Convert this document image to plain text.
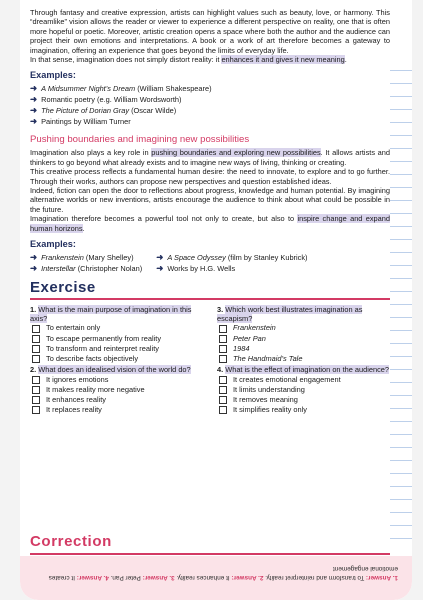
Through fantasy and creative expression, artists can highlight values such as beauty, love, or harmony. This “dreamlike” vision allows the reader or viewer to experience a different perspective on reality, one that is often more hopeful or poetic. Moreover, artistic creation opens a space where both the author and the audience can project their own emotions and interpretations. A book or a work of art therefore becomes a gateway to imagination, offering an experience that goes beyond the limits of everyday life.

In that sense, imagination does not simply distort reality: it enhances it and gives it new meaning.

Examples:
➜ A Midsummer Night’s Dream (William Shakespeare)
➜ Romantic poetry (e.g. William Wordsworth)
➜ The Picture of Dorian Gray (Oscar Wilde)
➜ Paintings by William Turner
Pushing boundaries and imagining new possibilities

Imagination also plays a key role in pushing boundaries and exploring new possibilities. It allows artists and thinkers to go beyond what already exists and to imagine new ways of living, thinking or creating.

This creative process reflects a fundamental human desire: the need to innovate, to explore and to go further. Through their works, authors can propose new perspectives and question established ideas.

Indeed, fiction can open the door to reflections about progress, knowledge and human potential. By imagining alternative worlds or new inventions, artists encourage the audience to think about what could be possible in the future.

Imagination therefore becomes a powerful tool not only to create, but also to inspire change and expand human horizons.

Examples:
➜ Frankenstein (Mary Shelley)
➜ Interstellar (Christopher Nolan)
➜ A Space Odyssey (film by Stanley Kubrick)
➜ Works by H.G. Wells
Exercise
1. What is the main purpose of imagination in this axis?
To entertain only
To escape permanently from reality
To transform and reinterpret reality
To describe facts objectively
2. What does an idealised vision of the world do?
It ignores emotions
It makes reality more negative
It enhances reality
It replaces reality
3. Which work best illustrates imagination as escapism?
Frankenstein
Peter Pan
1984
The Handmaid’s Tale
4. What is the effect of imagination on the audience?
It creates emotional engagement
It limits understanding
It removes meaning
It simplifies reality only
1. Answer: To transform and reinterpret reality. 2. Answer: It enhances reality. 3. Answer: Peter Pan. 4. Answer: It creates emotional engagement
Correction
